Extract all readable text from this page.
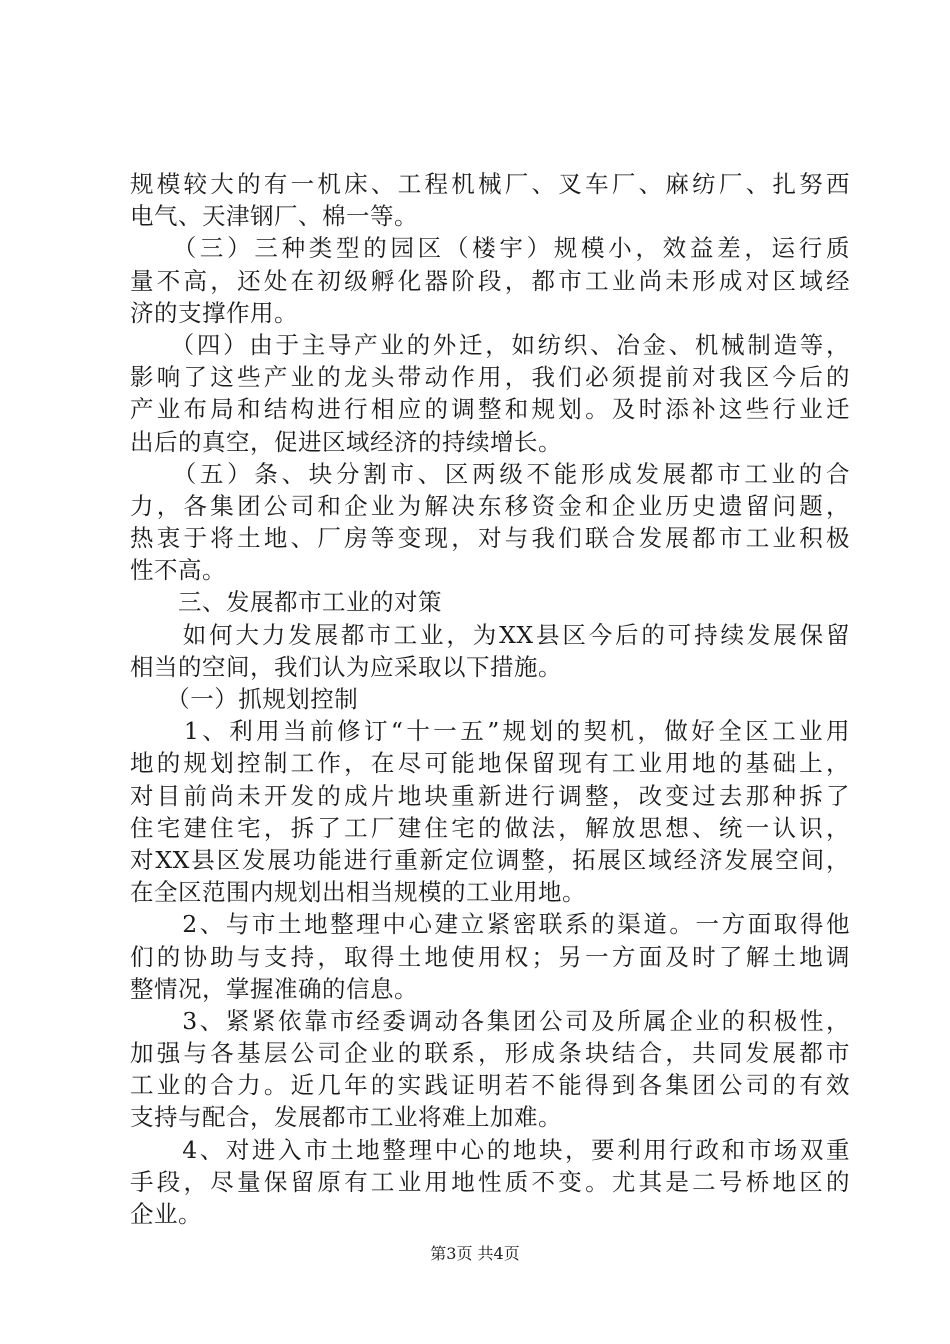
规模较大的有一机床、工程机械厂、叉车厂、麻纺厂、扎努西
电气、天津钢厂、棉一等。
　　（三）三种类型的园区（楼宇）规模小，效益差，运行质
量不高，还处在初级孵化器阶段，都市工业尚未形成对区域经
济的支撑作用。
　　（四）由于主导产业的外迁，如纺织、冶金、机械制造等，
影响了这些产业的龙头带动作用，我们必须提前对我区今后的
产业布局和结构进行相应的调整和规划。及时添补这些行业迁
出后的真空，促进区域经济的持续增长。
　　（五）条、块分割市、区两级不能形成发展都市工业的合
力，各集团公司和企业为解决东移资金和企业历史遗留问题，
热衷于将土地、厂房等变现，对与我们联合发展都市工业积极
性不高。
　　三、发展都市工业的对策
　　如何大力发展都市工业，为XX县区今后的可持续发展保留
相当的空间，我们认为应采取以下措施。
　　（一）抓规划控制
　　1、利用当前修订“十一五”规划的契机，做好全区工业用
地的规划控制工作，在尽可能地保留现有工业用地的基础上，
对目前尚未开发的成片地块重新进行调整，改变过去那种拆了
住宅建住宅，拆了工厂建住宅的做法，解放思想、统一认识，
对XX县区发展功能进行重新定位调整，拓展区域经济发展空间，
在全区范围内规划出相当规模的工业用地。
　　2、与市土地整理中心建立紧密联系的渠道。一方面取得他
们的协助与支持，取得土地使用权；另一方面及时了解土地调
整情况，掌握准确的信息。
　　3、紧紧依靠市经委调动各集团公司及所属企业的积极性，
加强与各基层公司企业的联系，形成条块结合，共同发展都市
工业的合力。近几年的实践证明若不能得到各集团公司的有效
支持与配合，发展都市工业将难上加难。
　　4、对进入市土地整理中心的地块，要利用行政和市场双重
手段，尽量保留原有工业用地性质不变。尤其是二号桥地区的
企业。
第3页 共4页
